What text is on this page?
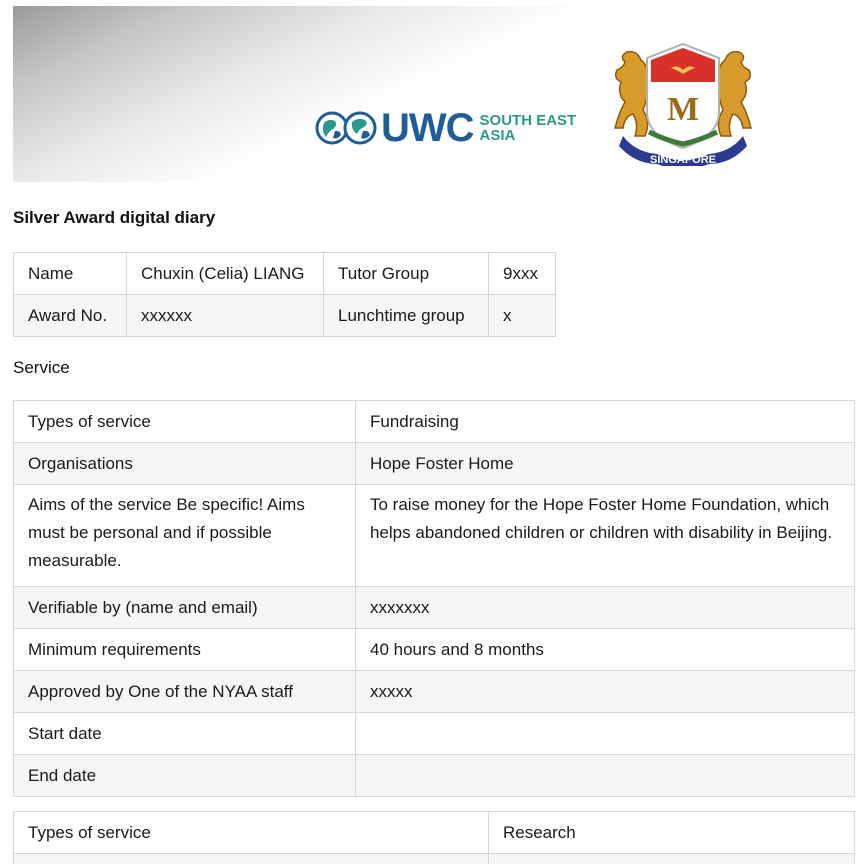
UWC SOUTH EAST
ASIA
M
SINGAPORE
Silver Award digital diary
Name	Chuxin (Celia) LIANG	Tutor Group	9xxx
Award No.	xxxxxx	Lunchtime group	x
Service
Types of service	Fundraising
Organisations	Hope Foster Home
Aims of the service Be specific! Aims must be personal and if possible measurable.	To raise money for the Hope Foster Home Foundation, which helps abandoned children or children with disability in Beijing.
Verifiable by (name and email)	xxxxxxx
Minimum requirements	40 hours and 8 months
Approved by One of the NYAA staff	xxxxx
Start date	
End date	
Types of service	Research
